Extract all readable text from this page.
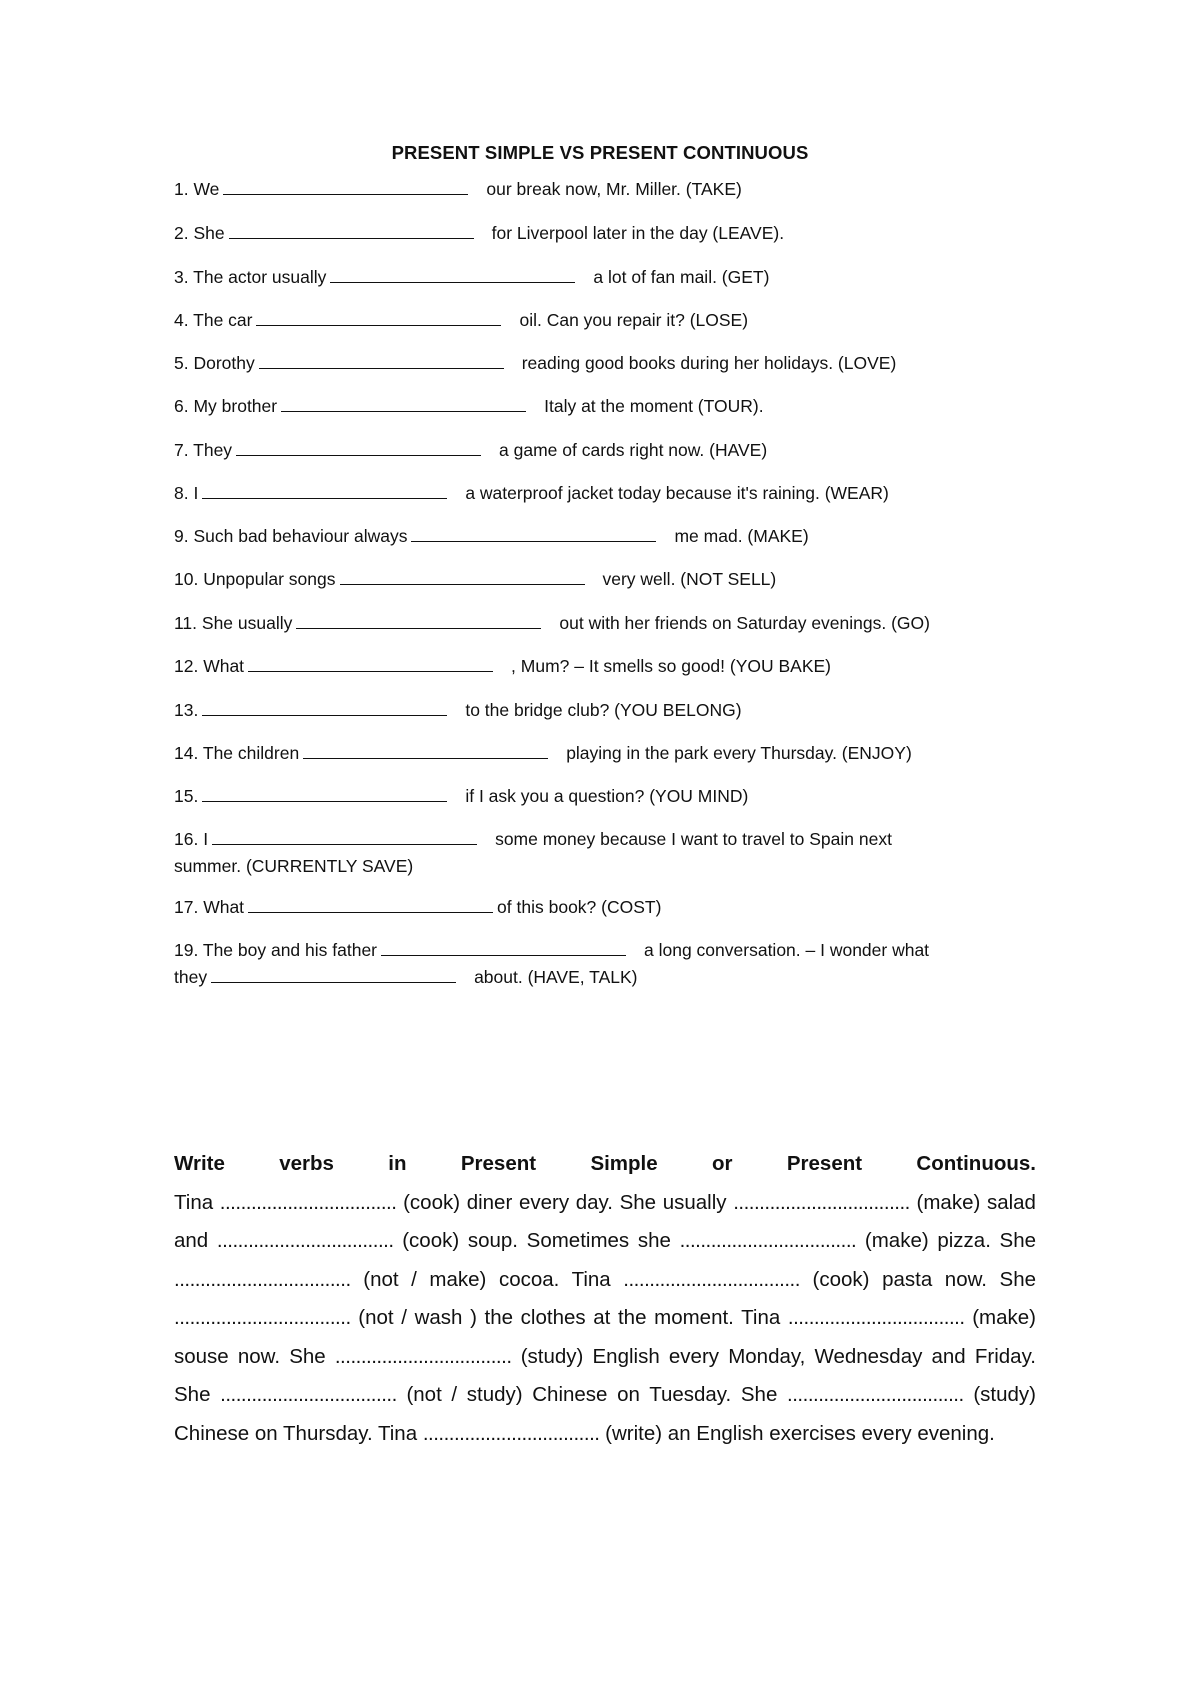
PRESENT SIMPLE VS PRESENT CONTINUOUS
1. We	our break now, Mr. Miller. (TAKE)
2. She	for Liverpool later in the day (LEAVE).
3. The actor usually	a lot of fan mail. (GET)
4. The car	oil. Can you repair it? (LOSE)
5. Dorothy	reading good books during her holidays. (LOVE)
6. My brother	Italy at the moment (TOUR).
7. They	a game of cards right now. (HAVE)
8. I	a waterproof jacket today because it's raining. (WEAR)
9. Such bad behaviour always	me mad. (MAKE)
10. Unpopular songs	very well. (NOT SELL)
11. She usually	out with her friends on Saturday evenings. (GO)
12. What	, Mum? – It smells so good! (YOU BAKE)
13.	to the bridge club? (YOU BELONG)
14. The children	playing in the park every Thursday. (ENJOY)
15.	if I ask you a question? (YOU MIND)
16. I	some money because I want to travel to Spain next
summer. (CURRENTLY SAVE)
17. What	of this book? (COST)
19. The boy and his father	a long conversation. – I wonder what
they	about. (HAVE, TALK)
Write verbs in Present Simple or Present Continuous.
Tina .................................. (cook) diner every day. She usually .................................. (make) salad and .................................. (cook) soup. Sometimes she .................................. (make) pizza. She .................................. (not / make) cocoa. Tina .................................. (cook) pasta now. She .................................. (not / wash ) the clothes at the moment. Tina .................................. (make) souse now. She .................................. (study) English every Monday, Wednesday and Friday. She .................................. (not / study) Chinese on Tuesday. She .................................. (study) Chinese on Thursday. Tina .................................. (write) an English exercises every evening.
